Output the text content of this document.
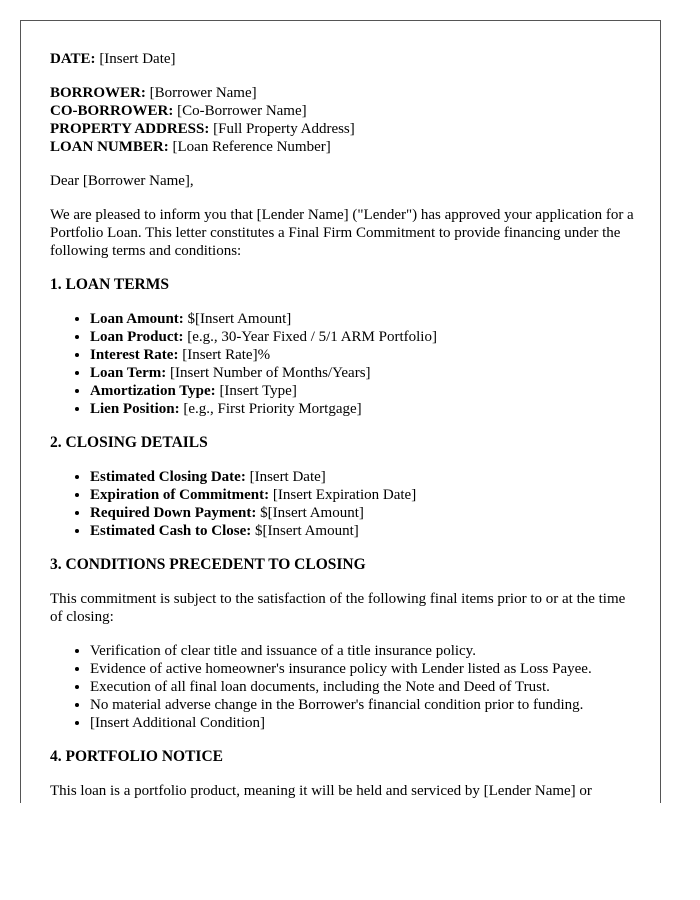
DATE: [Insert Date]

BORROWER: [Borrower Name]

CO-BORROWER: [Co-Borrower Name]

PROPERTY ADDRESS: [Full Property Address]

LOAN NUMBER: [Loan Reference Number]

Dear [Borrower Name],

We are pleased to inform you that [Lender Name] ("Lender") has approved your application for a Portfolio Loan. This letter constitutes a Final Firm Commitment to provide financing under the following terms and conditions:

1. LOAN TERMS

• Loan Amount: $[Insert Amount]
• Loan Product: [e.g., 30-Year Fixed / 5/1 ARM Portfolio]
• Interest Rate: [Insert Rate]%
• Loan Term: [Insert Number of Months/Years]
• Amortization Type: [Insert Type]
• Lien Position: [e.g., First Priority Mortgage]

2. CLOSING DETAILS

• Estimated Closing Date: [Insert Date]
• Expiration of Commitment: [Insert Expiration Date]
• Required Down Payment: $[Insert Amount]
• Estimated Cash to Close: $[Insert Amount]

3. CONDITIONS PRECEDENT TO CLOSING

This commitment is subject to the satisfaction of the following final items prior to or at the time of closing:

• Verification of clear title and issuance of a title insurance policy.
• Evidence of active homeowner's insurance policy with Lender listed as Loss Payee.
• Execution of all final loan documents, including the Note and Deed of Trust.
• No material adverse change in the Borrower's financial condition prior to funding.
• [Insert Additional Condition]

4. PORTFOLIO NOTICE

This loan is a portfolio product, meaning it will be held and serviced by [Lender Name] or
